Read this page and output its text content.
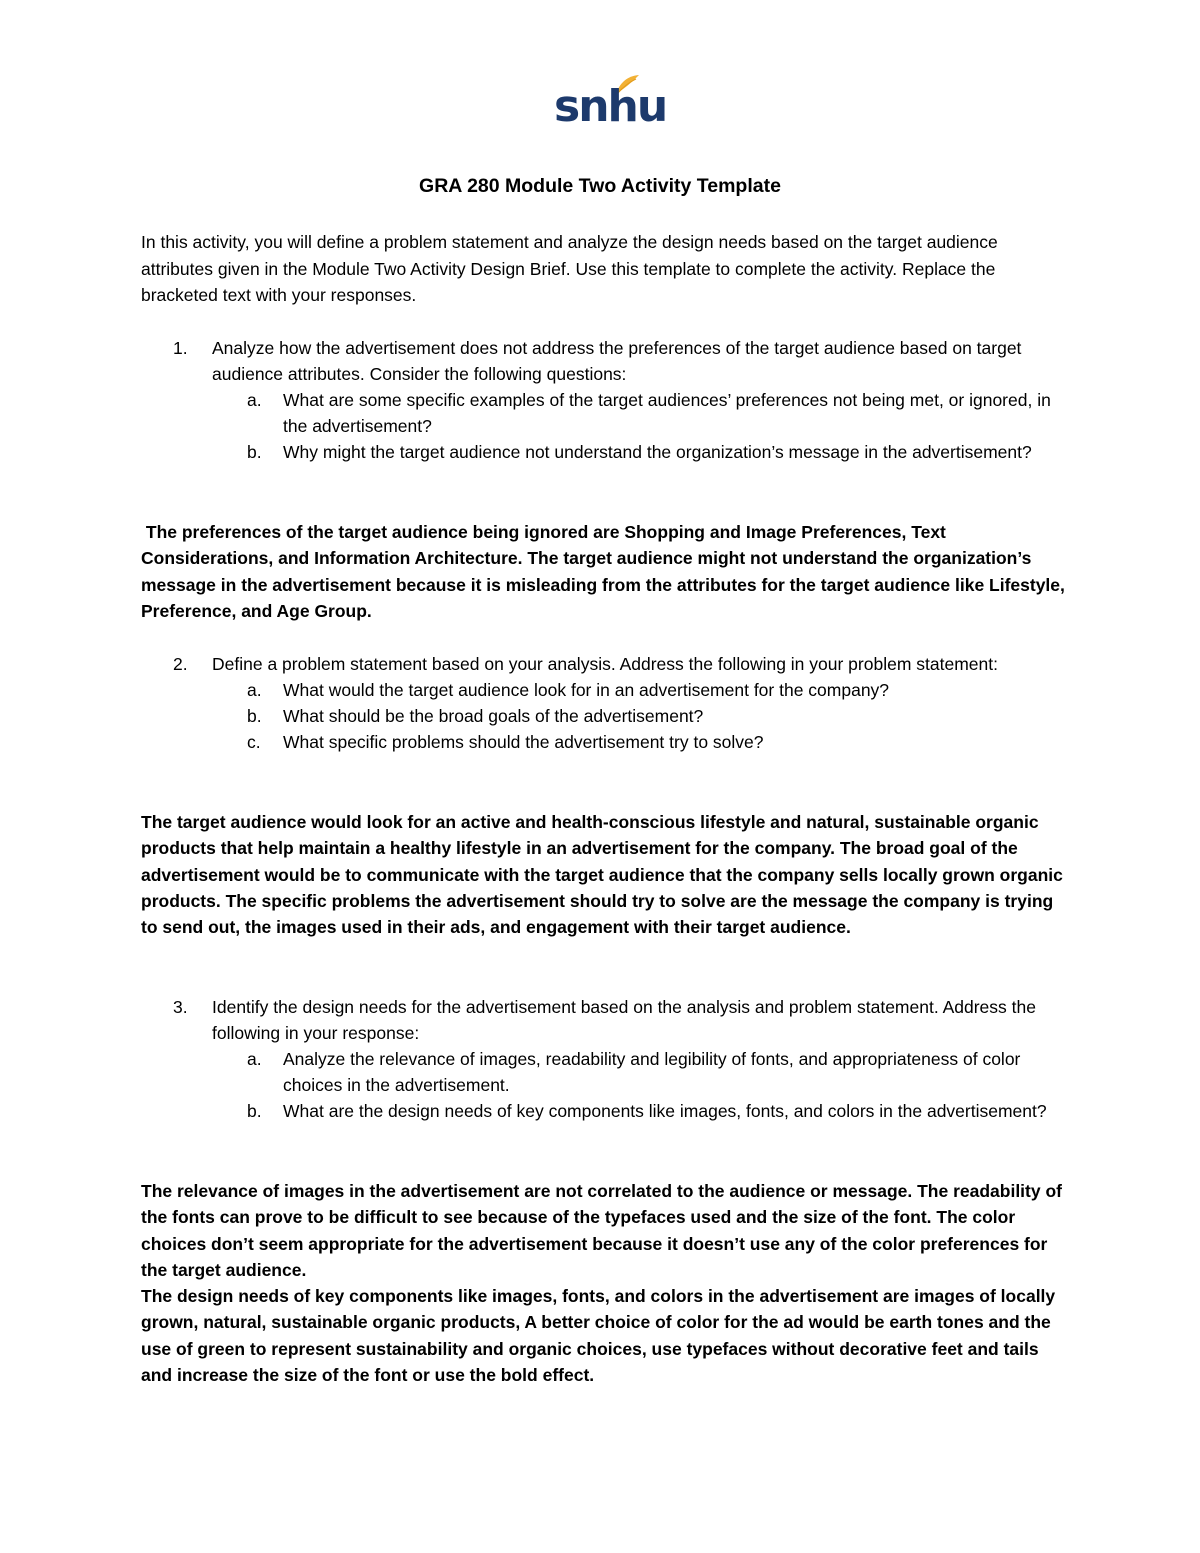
snhu
GRA 280 Module Two Activity Template
In this activity, you will define a problem statement and analyze the design needs based on the target audience attributes given in the Module Two Activity Design Brief. Use this template to complete the activity. Replace the bracketed text with your responses.
1. Analyze how the advertisement does not address the preferences of the target audience based on target audience attributes. Consider the following questions:
a. What are some specific examples of the target audiences’ preferences not being met, or ignored, in the advertisement?
b. Why might the target audience not understand the organization’s message in the advertisement?

The preferences of the target audience being ignored are Shopping and Image Preferences, Text Considerations, and Information Architecture. The target audience might not understand the organization’s message in the advertisement because it is misleading from the attributes for the target audience like Lifestyle, Preference, and Age Group.

2. Define a problem statement based on your analysis. Address the following in your problem statement:
a. What would the target audience look for in an advertisement for the company?
b. What should be the broad goals of the advertisement?
c. What specific problems should the advertisement try to solve?

The target audience would look for an active and health-conscious lifestyle and natural, sustainable organic products that help maintain a healthy lifestyle in an advertisement for the company. The broad goal of the advertisement would be to communicate with the target audience that the company sells locally grown organic products. The specific problems the advertisement should try to solve are the message the company is trying to send out, the images used in their ads, and engagement with their target audience.

3. Identify the design needs for the advertisement based on the analysis and problem statement. Address the following in your response:
a. Analyze the relevance of images, readability and legibility of fonts, and appropriateness of color choices in the advertisement.
b. What are the design needs of key components like images, fonts, and colors in the advertisement?

The relevance of images in the advertisement are not correlated to the audience or message. The readability of the fonts can prove to be difficult to see because of the typefaces used and the size of the font. The color choices don’t seem appropriate for the advertisement because it doesn’t use any of the color preferences for the target audience.

The design needs of key components like images, fonts, and colors in the advertisement are images of locally grown, natural, sustainable organic products, A better choice of color for the ad would be earth tones and the use of green to represent sustainability and organic choices, use typefaces without decorative feet and tails and increase the size of the font or use the bold effect.
